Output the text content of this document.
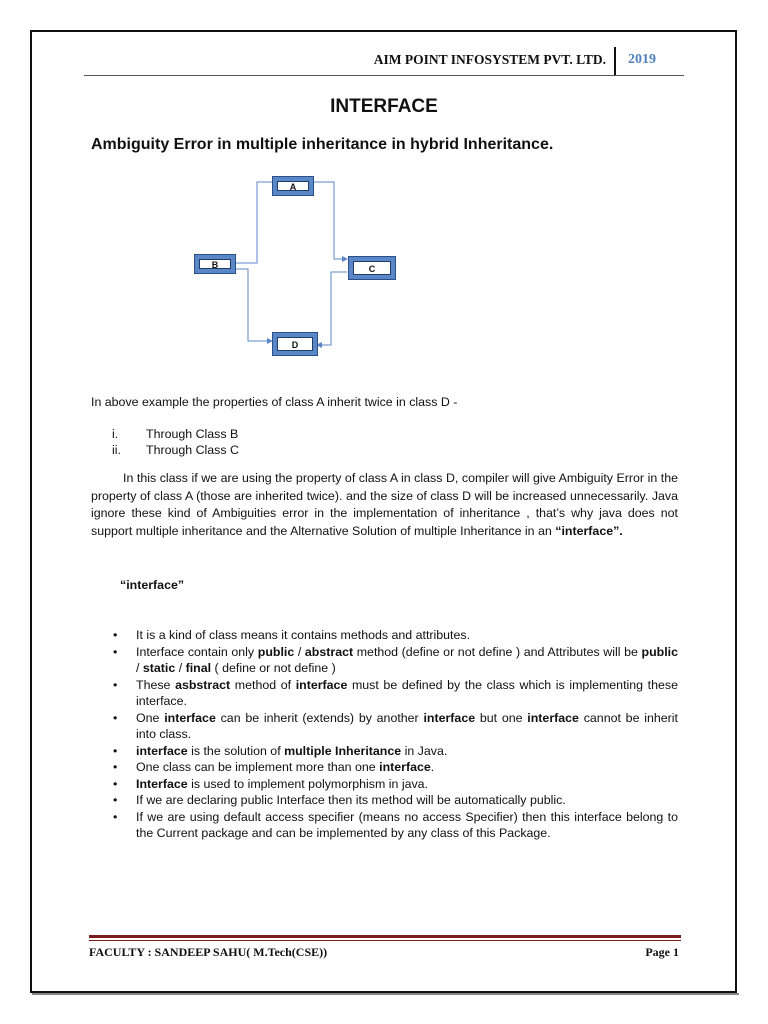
AIM POINT INFOSYSTEM PVT. LTD. 2019
INTERFACE
Ambiguity Error in multiple inheritance in hybrid Inheritance.
A
B	C
D
In above example the properties of class A inherit twice in class D -
i.	Through Class B
ii.	Through Class C
In this class if we are using the property of class A in class D, compiler will give Ambiguity Error in the property of class A (those are inherited twice). and the size of class D will be increased unnecessarily. Java ignore these kind of Ambiguities error in the implementation of inheritance , that’s why java does not support multiple inheritance and the Alternative Solution of multiple Inheritance in an “interface”.
“interface”
•	It is a kind of class means it contains methods and attributes.
•	Interface contain only public / abstract method (define or not define ) and Attributes will be public / static / final ( define or not define )
•	These asbstract method of interface must be defined by the class which is implementing these interface.
•	One interface can be inherit (extends) by another interface but one interface cannot be inherit into class.
•	interface is the solution of multiple Inheritance in Java.
•	One class can be implement more than one interface.
•	Interface is used to implement polymorphism in java.
•	If we are declaring public Interface then its method will be automatically public.
•	If we are using default access specifier (means no access Specifier) then this interface belong to the Current package and can be implemented by any class of this Package.
FACULTY : SANDEEP SAHU( M.Tech(CSE))	Page 1
